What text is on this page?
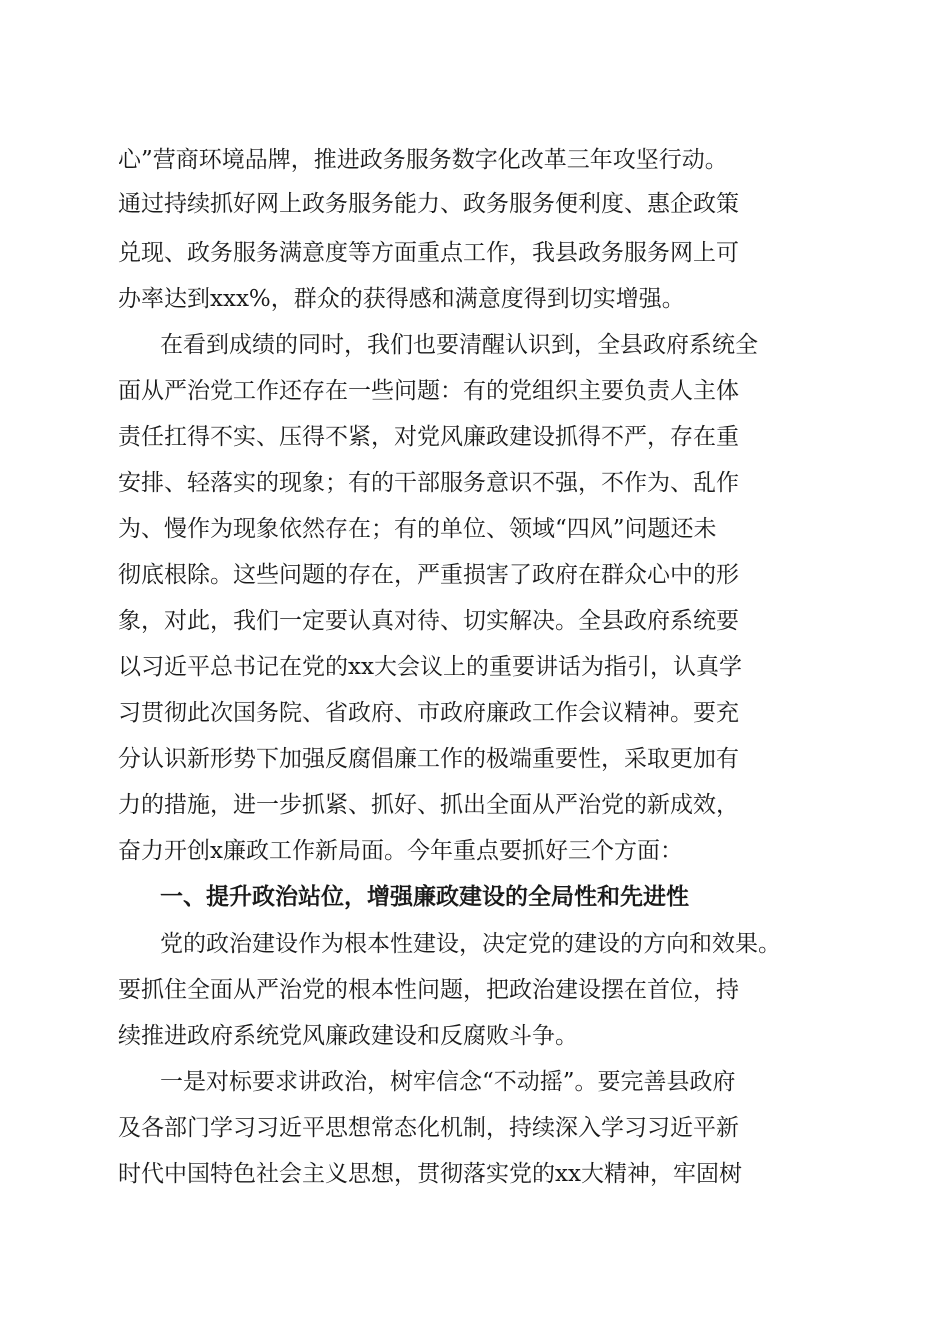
心”营商环境品牌，推进政务服务数字化改革三年攻坚行动。
通过持续抓好网上政务服务能力、政务服务便利度、惠企政策
兑现、政务服务满意度等方面重点工作，我县政务服务网上可
办率达到xxx%，群众的获得感和满意度得到切实增强。
在看到成绩的同时，我们也要清醒认识到，全县政府系统全
面从严治党工作还存在一些问题：有的党组织主要负责人主体
责任扛得不实、压得不紧，对党风廉政建设抓得不严，存在重
安排、轻落实的现象；有的干部服务意识不强，不作为、乱作
为、慢作为现象依然存在；有的单位、领域“四风”问题还未
彻底根除。这些问题的存在，严重损害了政府在群众心中的形
象，对此，我们一定要认真对待、切实解决。全县政府系统要
以习近平总书记在党的xx大会议上的重要讲话为指引，认真学
习贯彻此次国务院、省政府、市政府廉政工作会议精神。要充
分认识新形势下加强反腐倡廉工作的极端重要性，采取更加有
力的措施，进一步抓紧、抓好、抓出全面从严治党的新成效，
奋力开创x廉政工作新局面。今年重点要抓好三个方面：
一、提升政治站位，增强廉政建设的全局性和先进性
党的政治建设作为根本性建设，决定党的建设的方向和效果。
要抓住全面从严治党的根本性问题，把政治建设摆在首位，持
续推进政府系统党风廉政建设和反腐败斗争。
一是对标要求讲政治，树牢信念“不动摇”。要完善县政府
及各部门学习习近平思想常态化机制，持续深入学习习近平新
时代中国特色社会主义思想，贯彻落实党的xx大精神，牢固树
